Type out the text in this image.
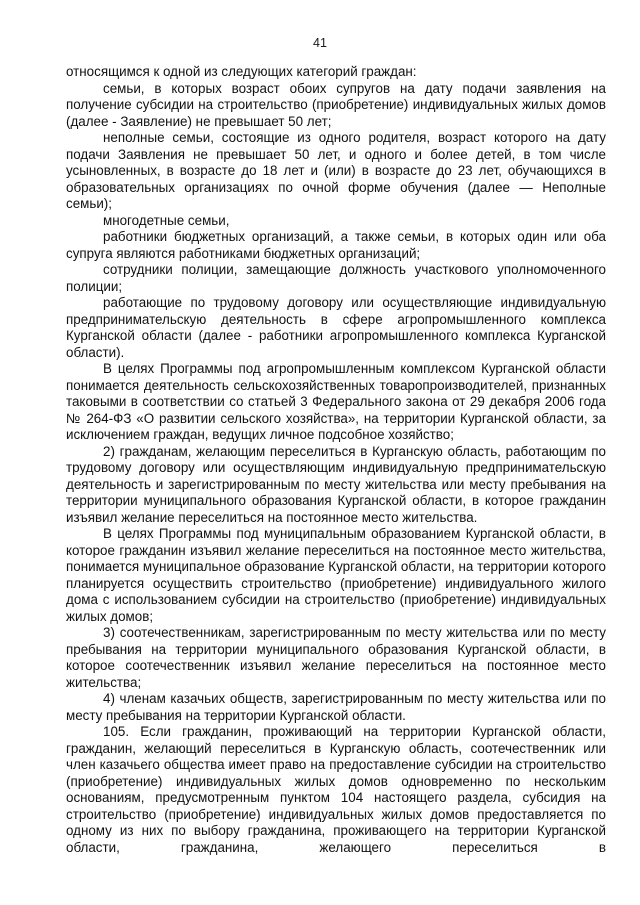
41

относящимся к одной из следующих категорий граждан:

семьи, в которых возраст обоих супругов на дату подачи заявления на получение субсидии на строительство (приобретение) индивидуальных жилых домов (далее - Заявление) не превышает 50 лет;

неполные семьи, состоящие из одного родителя, возраст которого на дату подачи Заявления не превышает 50 лет, и одного и более детей, в том числе усыновленных, в возрасте до 18 лет и (или) в возрасте до 23 лет, обучающихся в образовательных организациях по очной форме обучения (далее — Неполные семьи);

многодетные семьи,

работники бюджетных организаций, а также семьи, в которых один или оба супруга являются работниками бюджетных организаций;

сотрудники полиции, замещающие должность участкового уполномоченного полиции;

работающие по трудовому договору или осуществляющие индивидуальную предпринимательскую деятельность в сфере агропромышленного комплекса Курганской области (далее - работники агропромышленного комплекса Курганской области).

В целях Программы под агропромышленным комплексом Курганской области понимается деятельность сельскохозяйственных товаропроизводителей, признанных таковыми в соответствии со статьей 3 Федерального закона от 29 декабря 2006 года № 264-ФЗ «О развитии сельского хозяйства», на территории Курганской области, за исключением граждан, ведущих личное подсобное хозяйство;

2) гражданам, желающим переселиться в Курганскую область, работающим по трудовому договору или осуществляющим индивидуальную предпринимательскую деятельность и зарегистрированным по месту жительства или месту пребывания на территории муниципального образования Курганской области, в которое гражданин изъявил желание переселиться на постоянное место жительства.

В целях Программы под муниципальным образованием Курганской области, в которое гражданин изъявил желание переселиться на постоянное место жительства, понимается муниципальное образование Курганской области, на территории которого планируется осуществить строительство (приобретение) индивидуального жилого дома с использованием субсидии на строительство (приобретение) индивидуальных жилых домов;

3) соотечественникам, зарегистрированным по месту жительства или по месту пребывания на территории муниципального образования Курганской области, в которое соотечественник изъявил желание переселиться на постоянное место жительства;

4) членам казачьих обществ, зарегистрированным по месту жительства или по месту пребывания на территории Курганской области.

105. Если гражданин, проживающий на территории Курганской области, гражданин, желающий переселиться в Курганскую область, соотечественник или член казачьего общества имеет право на предоставление субсидии на строительство (приобретение) индивидуальных жилых домов одновременно по нескольким основаниям, предусмотренным пунктом 104 настоящего раздела, субсидия на строительство (приобретение) индивидуальных жилых домов предоставляется по одному из них по выбору гражданина, проживающего на территории Курганской области, гражданина, желающего переселиться в
